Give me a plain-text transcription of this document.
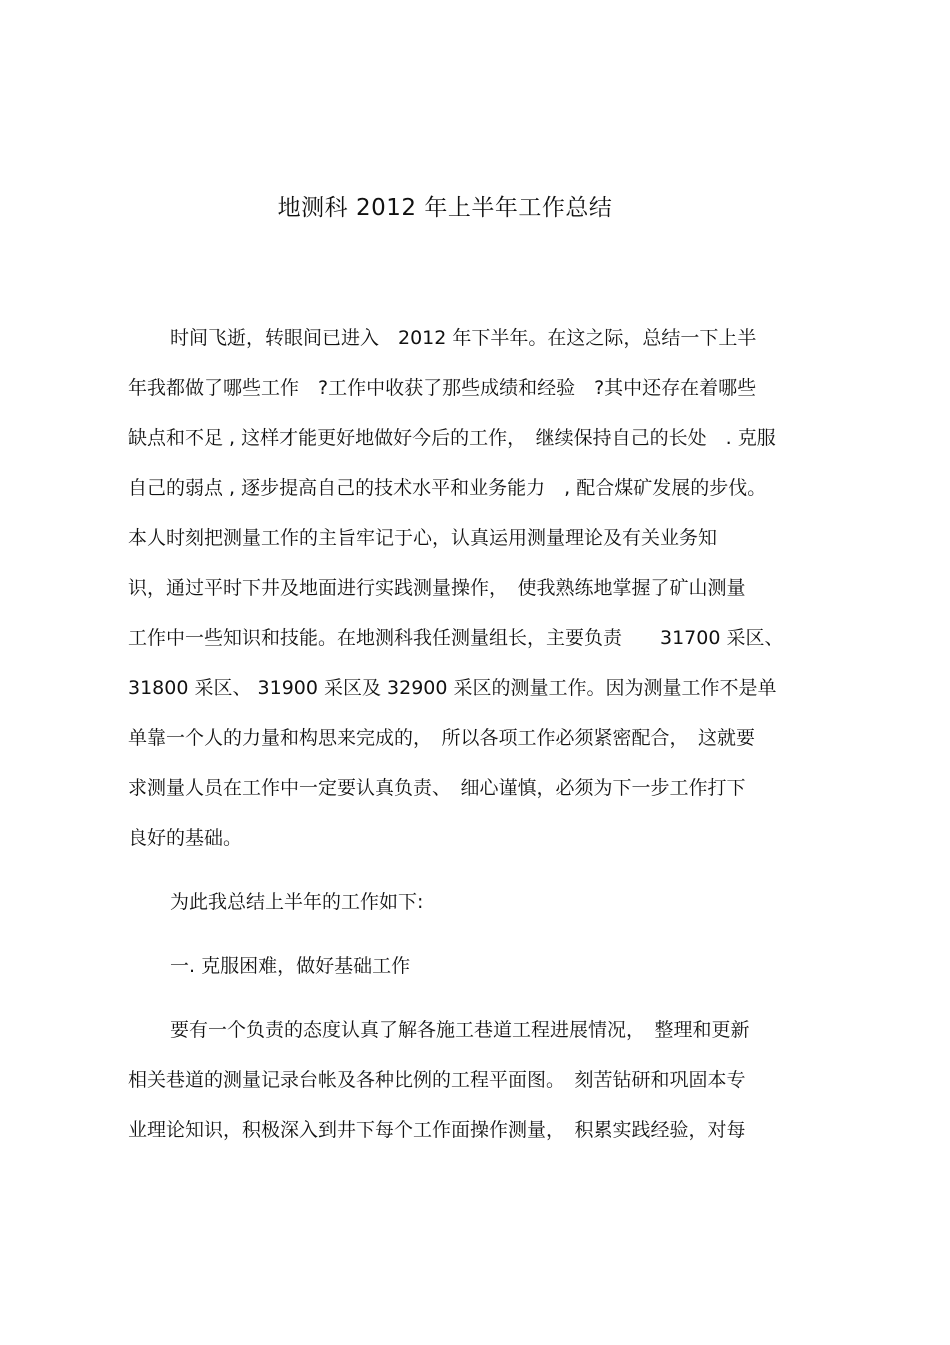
地测科 2012 年上半年工作总结
时间飞逝，转眼间已进入　2012 年下半年。在这之际，总结一下上半
年我都做了哪些工作　?工作中收获了那些成绩和经验　?其中还存在着哪些
缺点和不足 , 这样才能更好地做好今后的工作，　继续保持自己的长处　. 克服
自己的弱点 , 逐步提高自己的技术水平和业务能力　, 配合煤矿发展的步伐。
本人时刻把测量工作的主旨牢记于心，认真运用测量理论及有关业务知
识，通过平时下井及地面进行实践测量操作，　使我熟练地掌握了矿山测量
工作中一些知识和技能。在地测科我任测量组长，主要负责　　31700 采区、
31800 采区、 31900 采区及 32900 采区的测量工作。因为测量工作不是单
单靠一个人的力量和构思来完成的，　所以各项工作必须紧密配合，　这就要
求测量人员在工作中一定要认真负责、　细心谨慎，必须为下一步工作打下
良好的基础。
为此我总结上半年的工作如下:
一. 克服困难，做好基础工作
要有一个负责的态度认真了解各施工巷道工程进展情况，　整理和更新
相关巷道的测量记录台帐及各种比例的工程平面图。　刻苦钻研和巩固本专
业理论知识，积极深入到井下每个工作面操作测量，　积累实践经验，对每
